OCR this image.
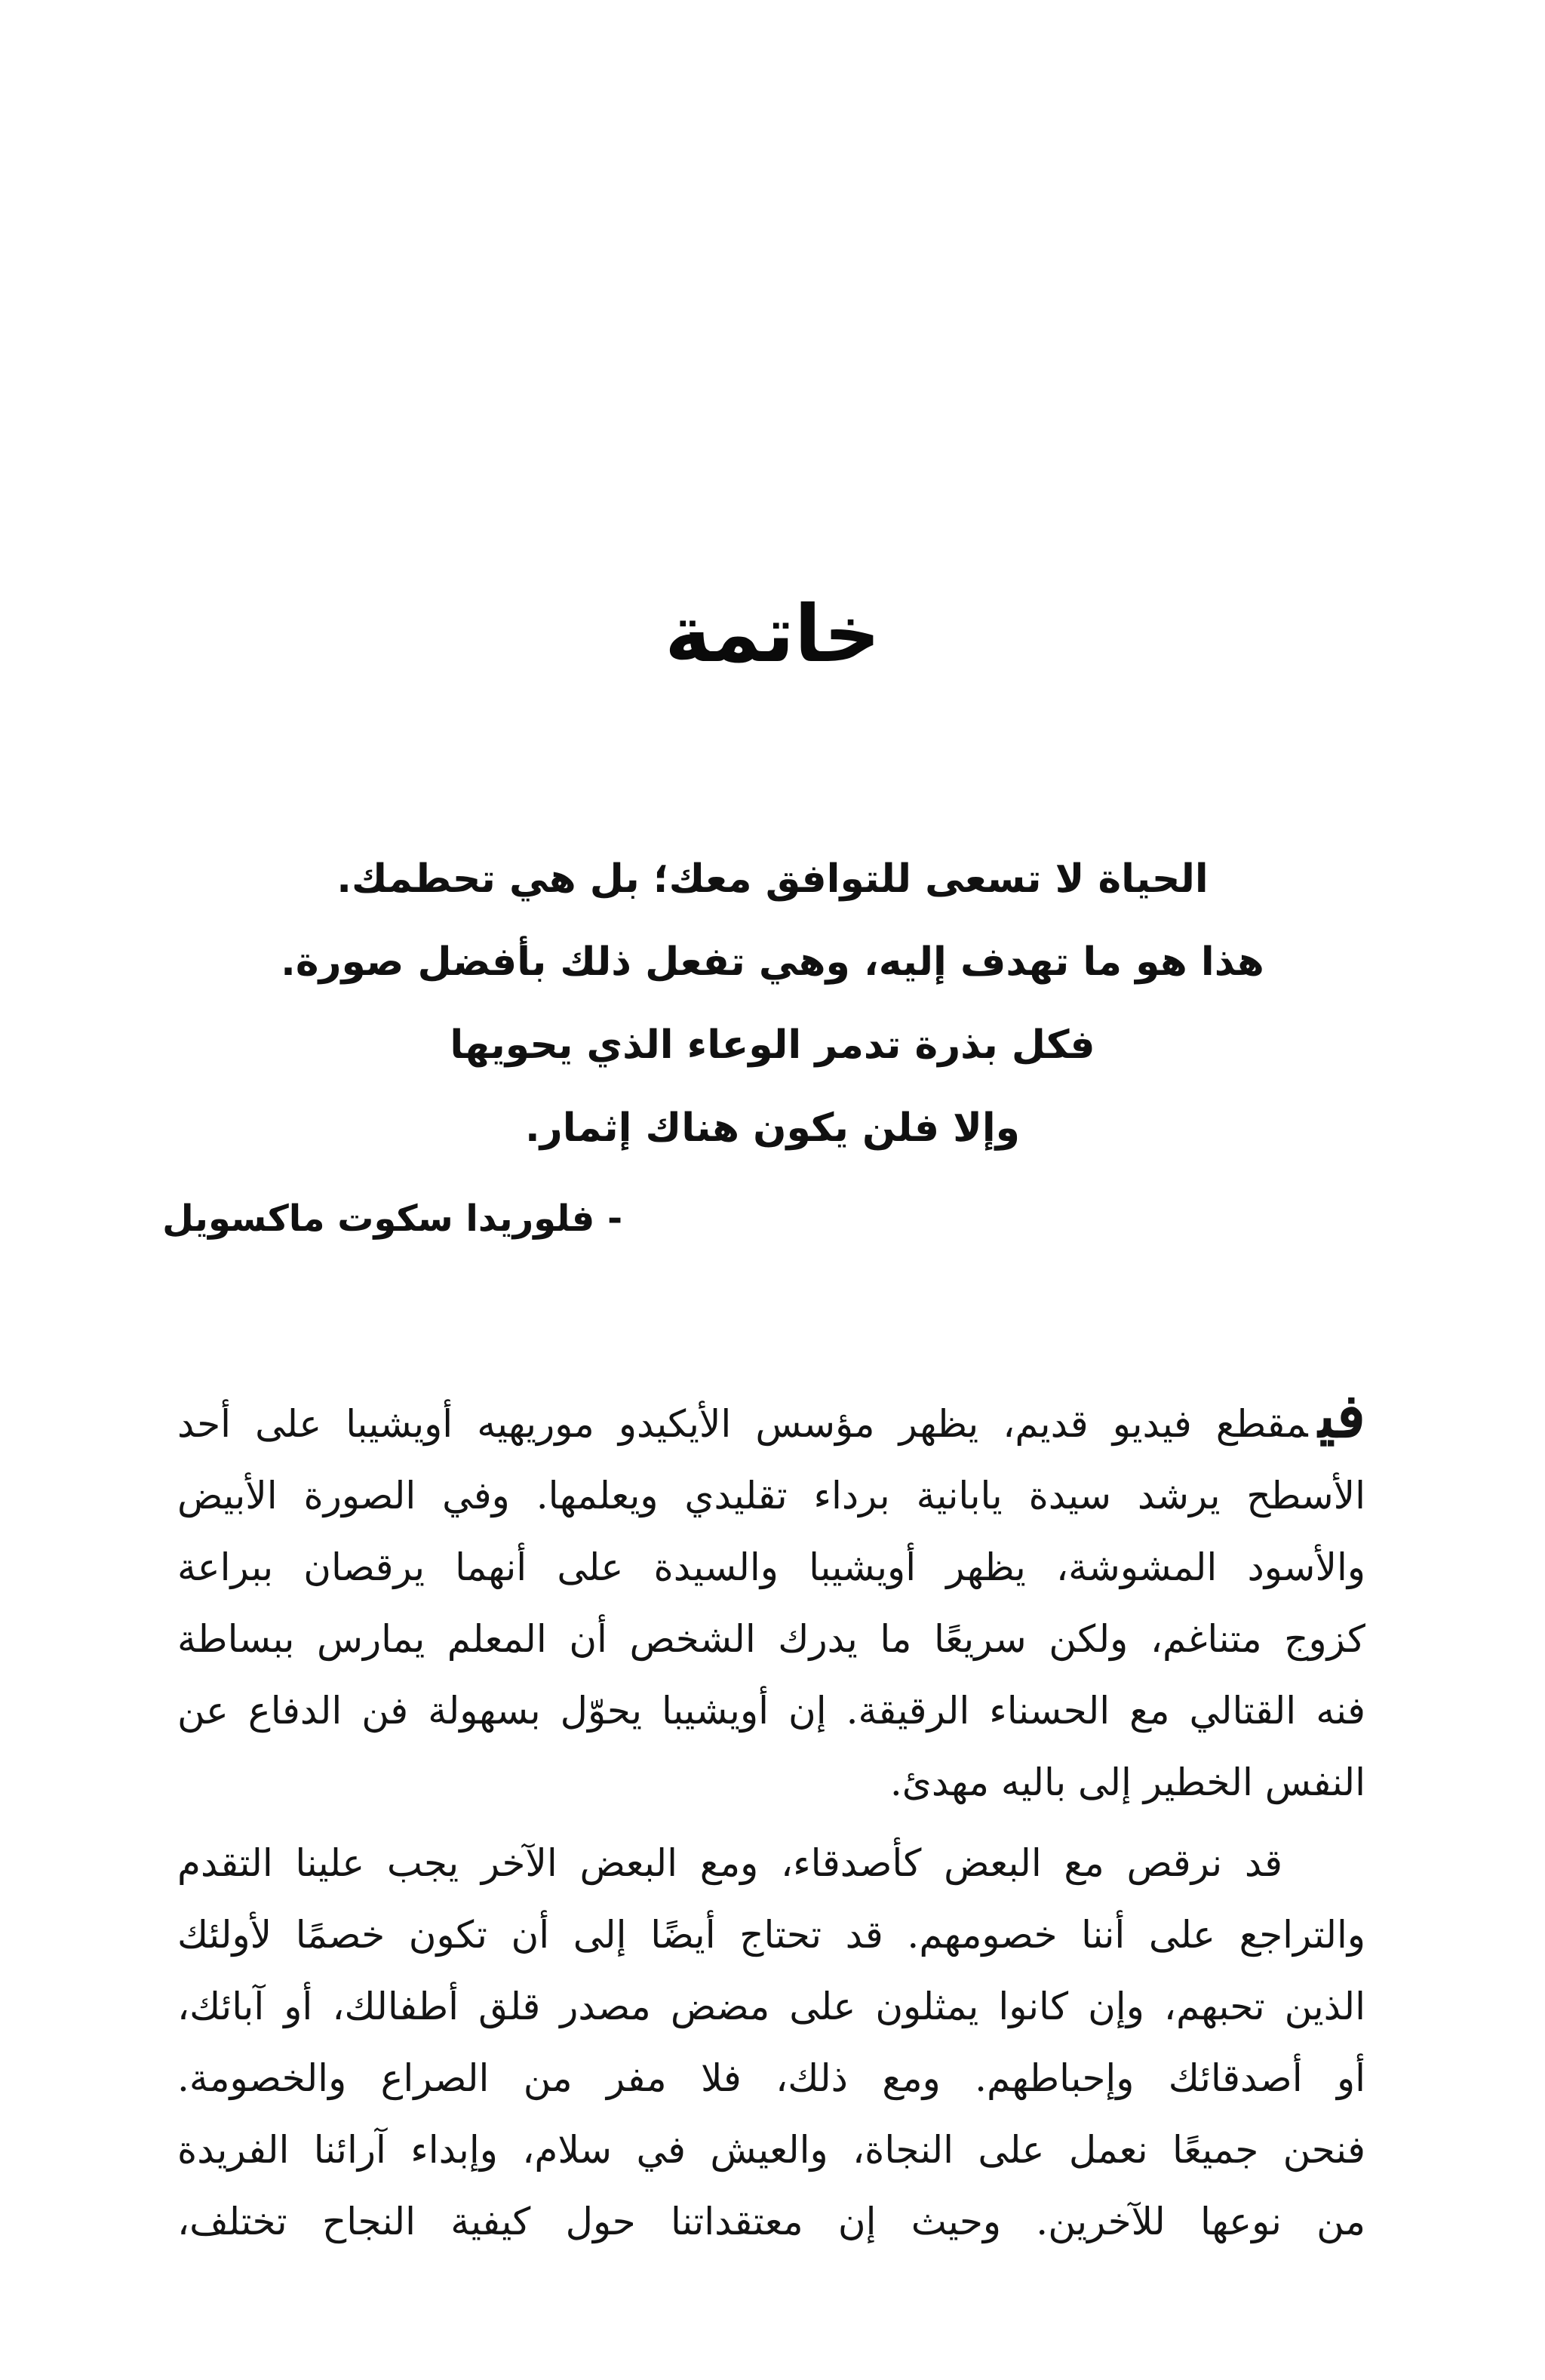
خاتمة
الحياة لا تسعى للتوافق معك؛ بل هي تحطمك.
هذا هو ما تهدف إليه، وهي تفعل ذلك بأفضل صورة.
فكل بذرة تدمر الوعاء الذي يحويها
وإلا فلن يكون هناك إثمار.
- فلوريدا سكوت ماكسويل

فيمقطع فيديو قديم، يظهر مؤسس الأيكيدو موريهيه أويشيبا على أحد
الأسطح يرشد سيدة يابانية برداء تقليدي ويعلمها. وفي الصورة الأبيض
والأسود المشوشة، يظهر أويشيبا والسيدة على أنهما يرقصان ببراعة
كزوج متناغم، ولكن سريعًا ما يدرك الشخص أن المعلم يمارس ببساطة
فنه القتالي مع الحسناء الرقيقة. إن أويشيبا يحوّل بسهولة فن الدفاع عن
النفس الخطير إلى باليه مهدئ.

قد نرقص مع البعض كأصدقاء، ومع البعض الآخر يجب علينا التقدم
والتراجع على أننا خصومهم. قد تحتاج أيضًا إلى أن تكون خصمًا لأولئك
الذين تحبهم، وإن كانوا يمثلون على مضض مصدر قلق أطفالك، أو آبائك،
أو أصدقائك وإحباطهم. ومع ذلك، فلا مفر من الصراع والخصومة.
فنحن جميعًا نعمل على النجاة، والعيش في سلام، وإبداء آرائنا الفريدة
من نوعها للآخرين. وحيث إن معتقداتنا حول كيفية النجاح تختلف،
